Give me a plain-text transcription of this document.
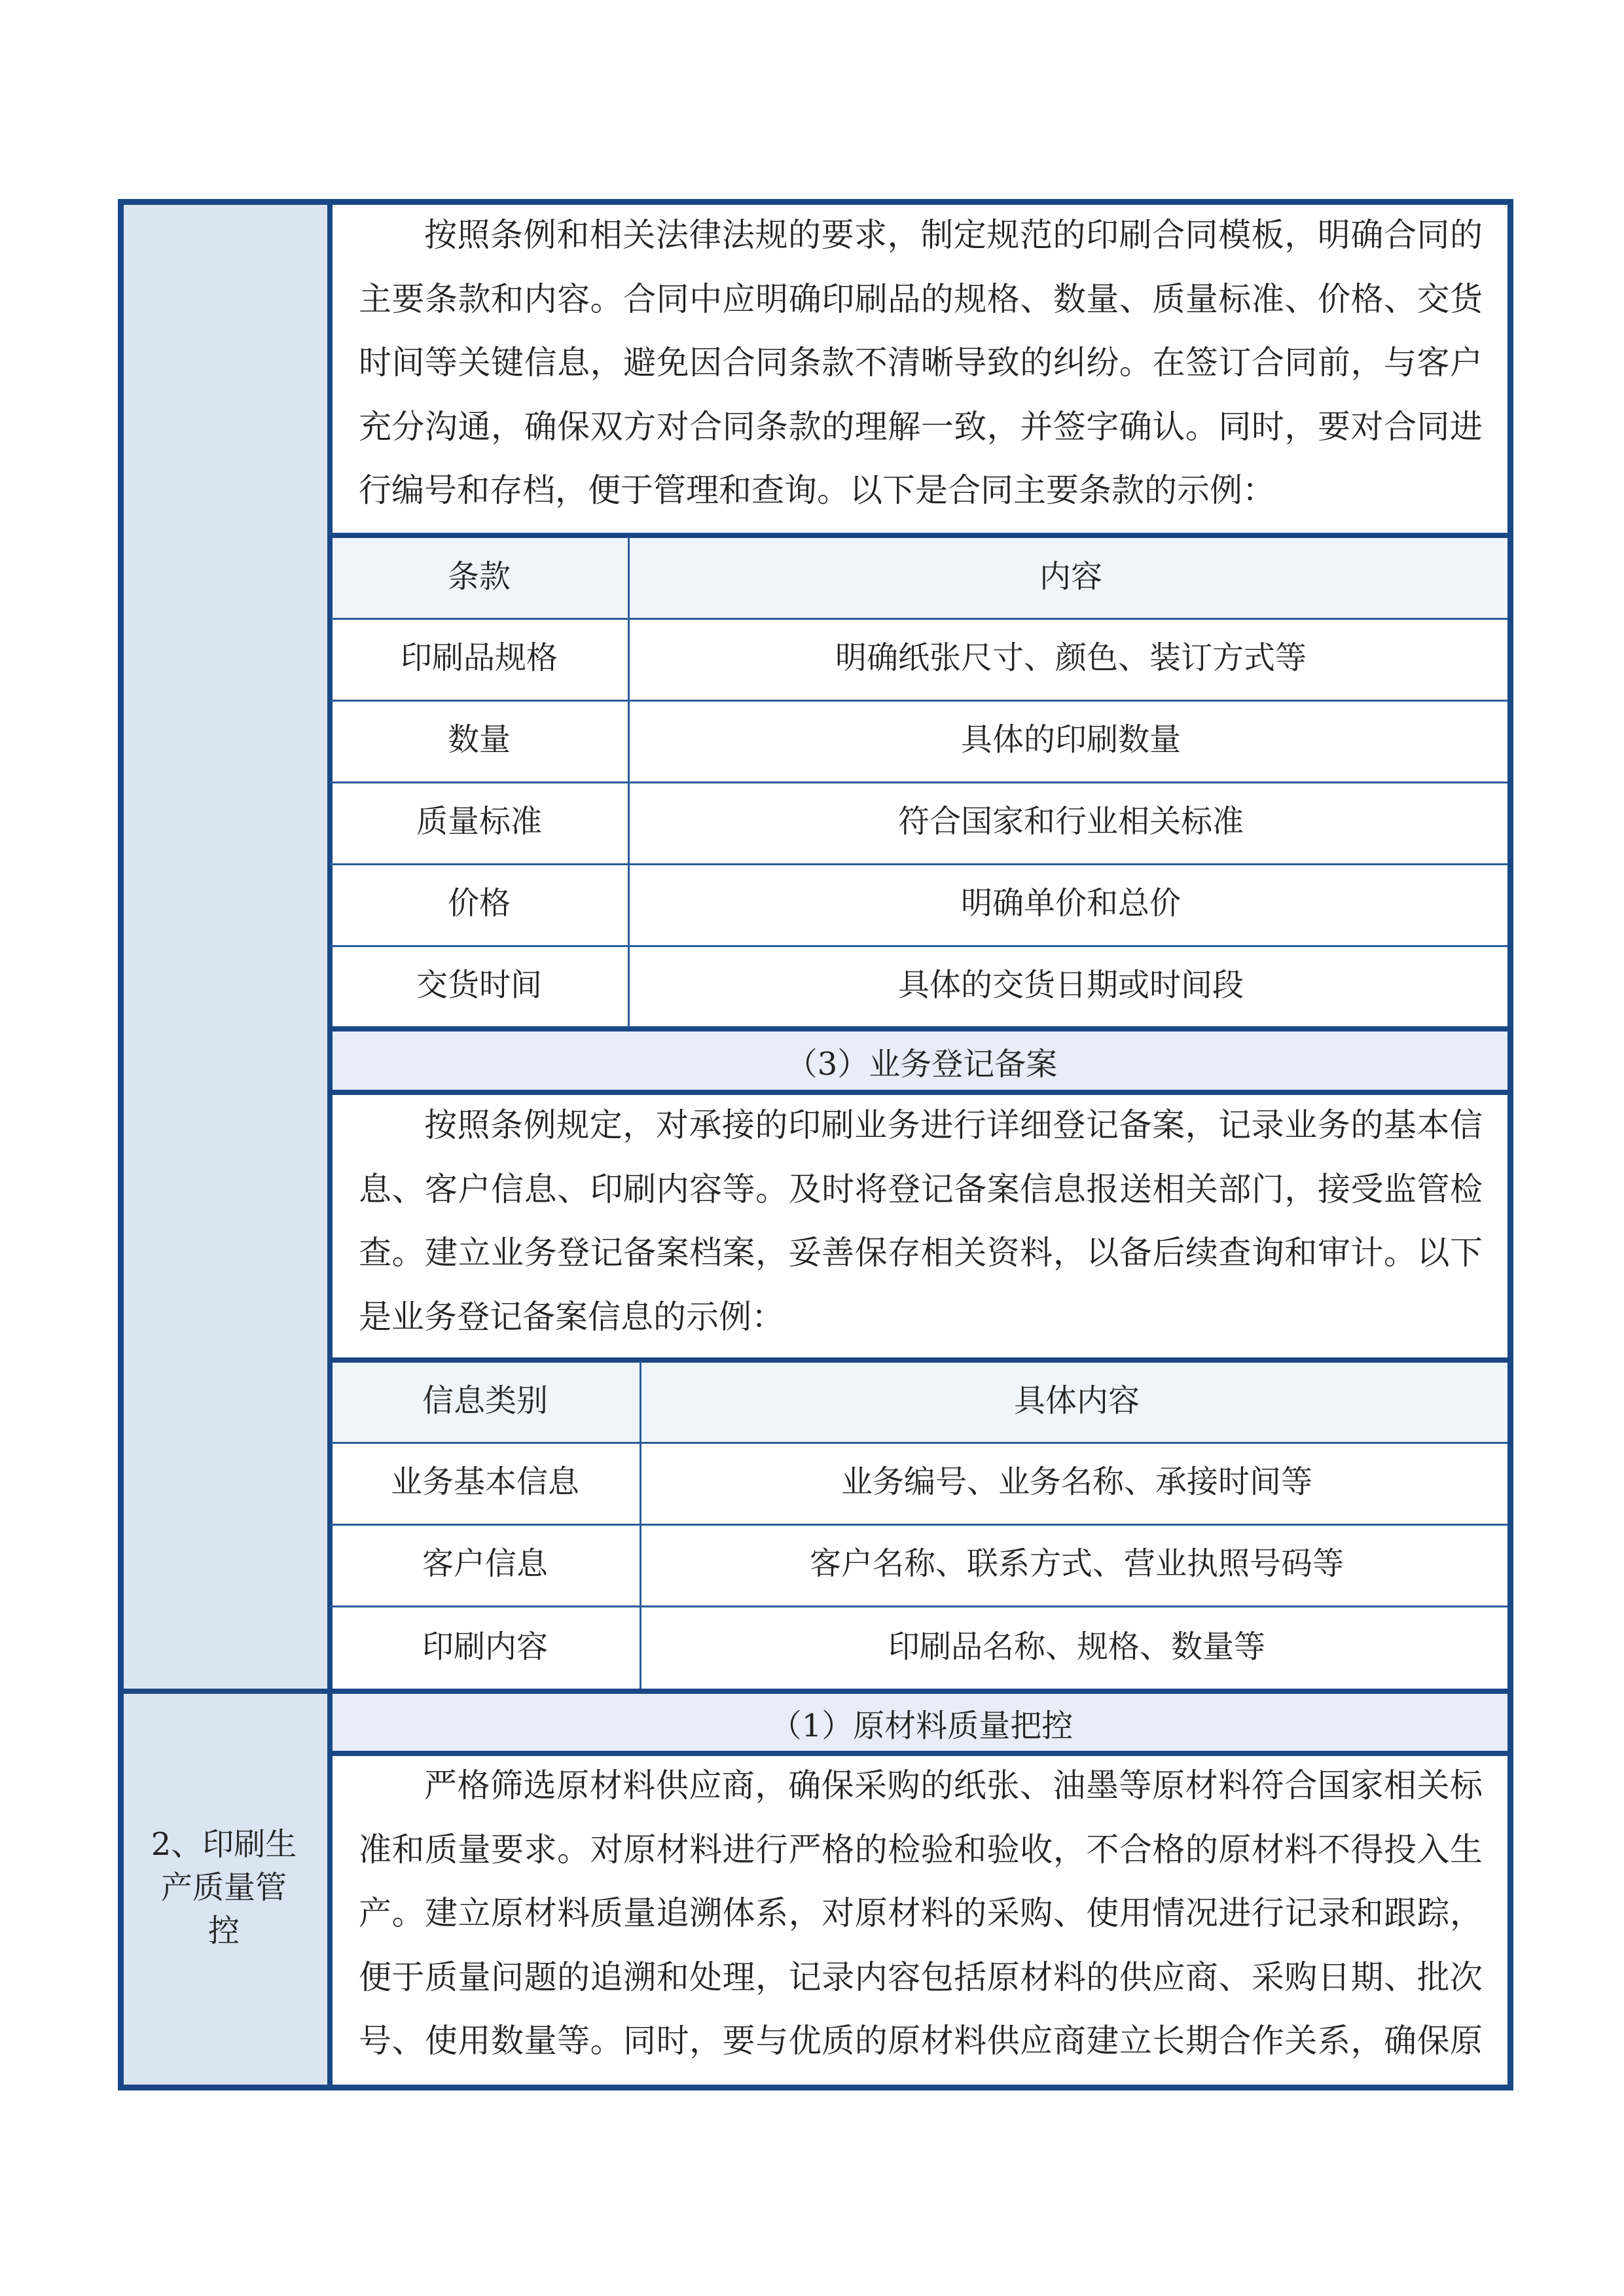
（3）业务登记备案
（1）原材料质量把控
按照条例和相关法律法规的要求，制定规范的印刷合同模板，明确合同的
主要条款和内容。合同中应明确印刷品的规格、数量、质量标准、价格、交货
时间等关键信息，避免因合同条款不清晰导致的纠纷。在签订合同前，与客户
充分沟通，确保双方对合同条款的理解一致，并签字确认。同时，要对合同进
行编号和存档，便于管理和查询。以下是合同主要条款的示例：
条款	内容
印刷品规格	明确纸张尺寸、颜色、装订方式等
数量	具体的印刷数量
质量标准	符合国家和行业相关标准
价格	明确单价和总价
交货时间	具体的交货日期或时间段
按照条例规定，对承接的印刷业务进行详细登记备案，记录业务的基本信
息、客户信息、印刷内容等。及时将登记备案信息报送相关部门，接受监管检
查。建立业务登记备案档案，妥善保存相关资料，以备后续查询和审计。以下
是业务登记备案信息的示例：
信息类别	具体内容
业务基本信息	业务编号、业务名称、承接时间等
客户信息	客户名称、联系方式、营业执照号码等
印刷内容	印刷品名称、规格、数量等
2、印刷生
产质量管
控
严格筛选原材料供应商，确保采购的纸张、油墨等原材料符合国家相关标
准和质量要求。对原材料进行严格的检验和验收，不合格的原材料不得投入生
产。建立原材料质量追溯体系，对原材料的采购、使用情况进行记录和跟踪，
便于质量问题的追溯和处理，记录内容包括原材料的供应商、采购日期、批次
号、使用数量等。同时，要与优质的原材料供应商建立长期合作关系，确保原
